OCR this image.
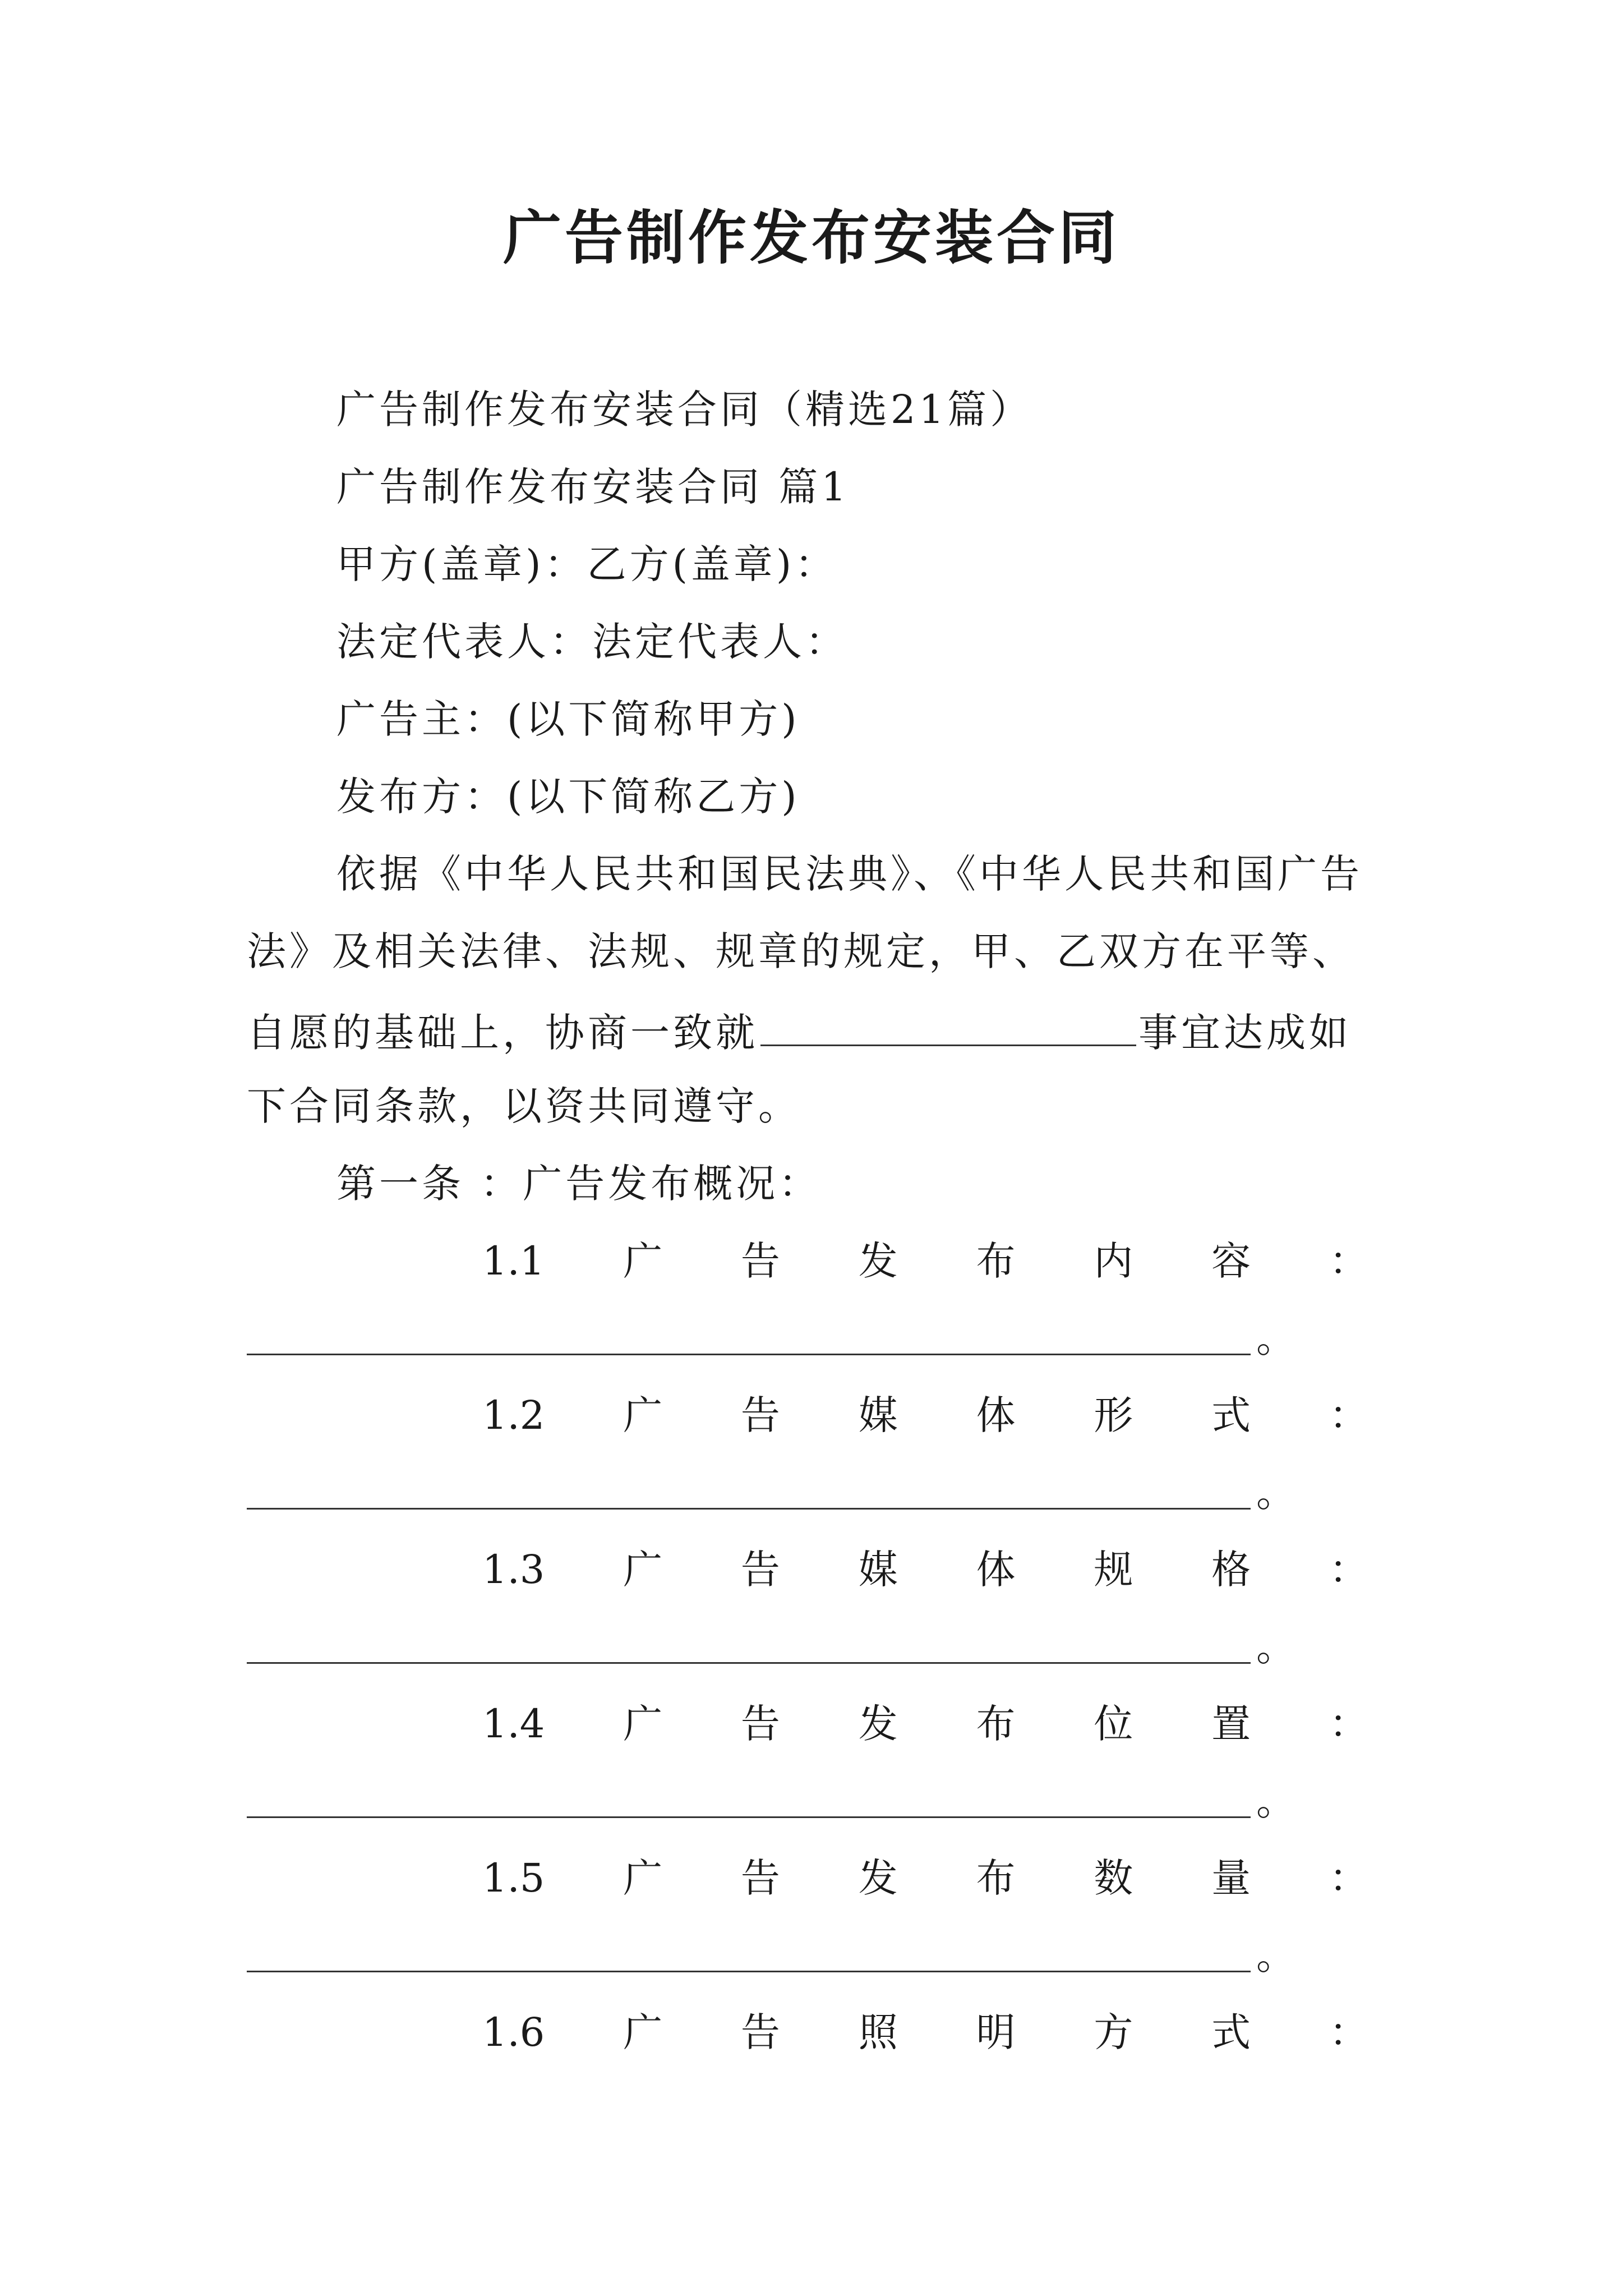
广告制作发布安装合同
广告制作发布安装合同（精选21篇）
广告制作发布安装合同 篇1
甲方(盖章)：乙方(盖章)：
法定代表人：法定代表人：
广告主：(以下简称甲方)
发布方：(以下简称乙方)
依据《中华人民共和国民法典》、《中华人民共和国广告
法》及相关法律、法规、规章的规定，甲、乙双方在平等、
自愿的基础上，协商一致就	事宜达成如
下合同条款，以资共同遵守。
第一条 ：广告发布概况：
1.1 广 告 发 布 内 容 ：
。
1.2 广 告 媒 体 形 式 ：
。
1.3 广 告 媒 体 规 格 ：
。
1.4 广 告 发 布 位 置 ：
。
1.5 广 告 发 布 数 量 ：
。
1.6 广 告 照 明 方 式 ：
